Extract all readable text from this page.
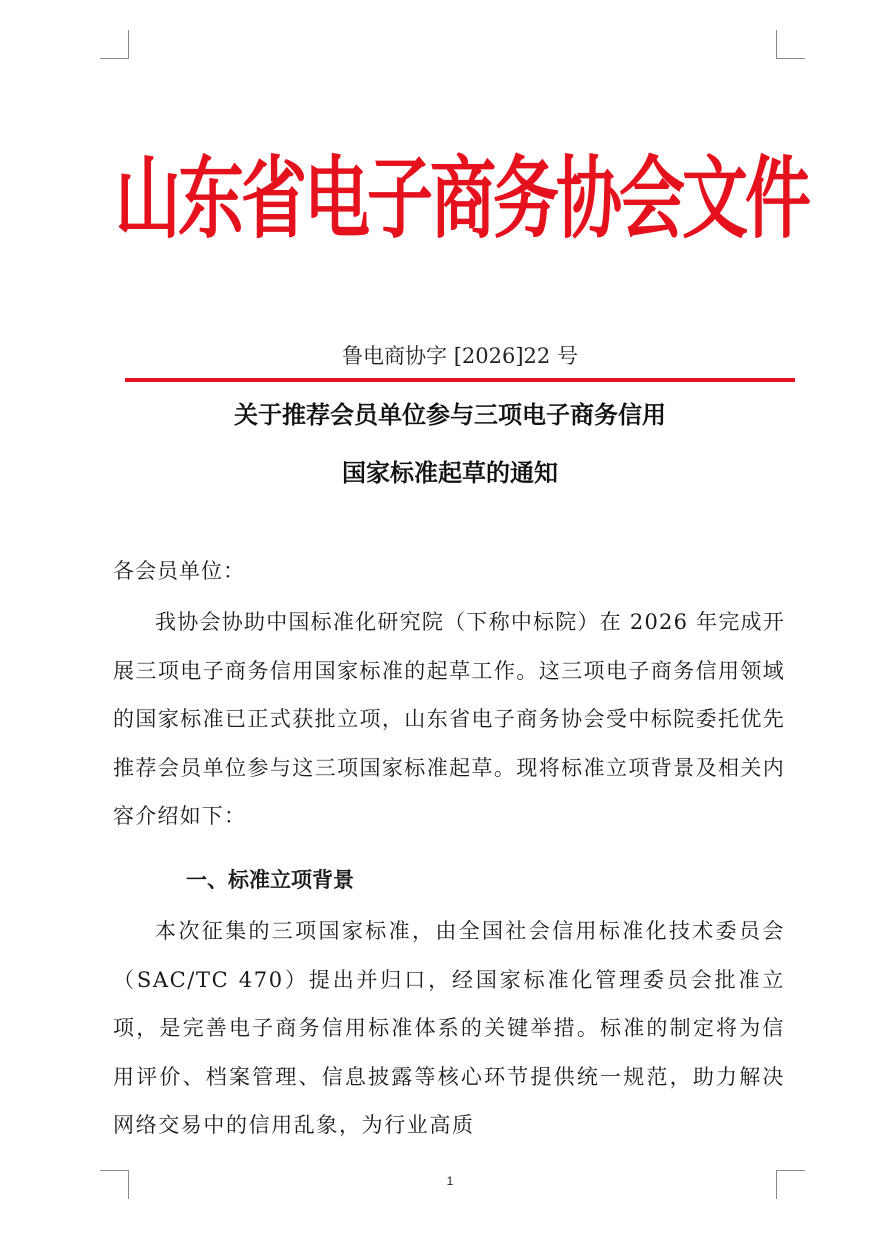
山东省电子商务协会文件
鲁电商协字 [2026]22 号
关于推荐会员单位参与三项电子商务信用
国家标准起草的通知
各会员单位：
我协会协助中国标准化研究院（下称中标院）在 2026 年完成开展三项电子商务信用国家标准的起草工作。这三项电子商务信用领域的国家标准已正式获批立项，山东省电子商务协会受中标院委托优先推荐会员单位参与这三项国家标准起草。现将标准立项背景及相关内容介绍如下：
一、标准立项背景
本次征集的三项国家标准，由全国社会信用标准化技术委员会（SAC/TC 470）提出并归口，经国家标准化管理委员会批准立项，是完善电子商务信用标准体系的关键举措。标准的制定将为信用评价、档案管理、信息披露等核心环节提供统一规范，助力解决网络交易中的信用乱象，为行业高质
1
